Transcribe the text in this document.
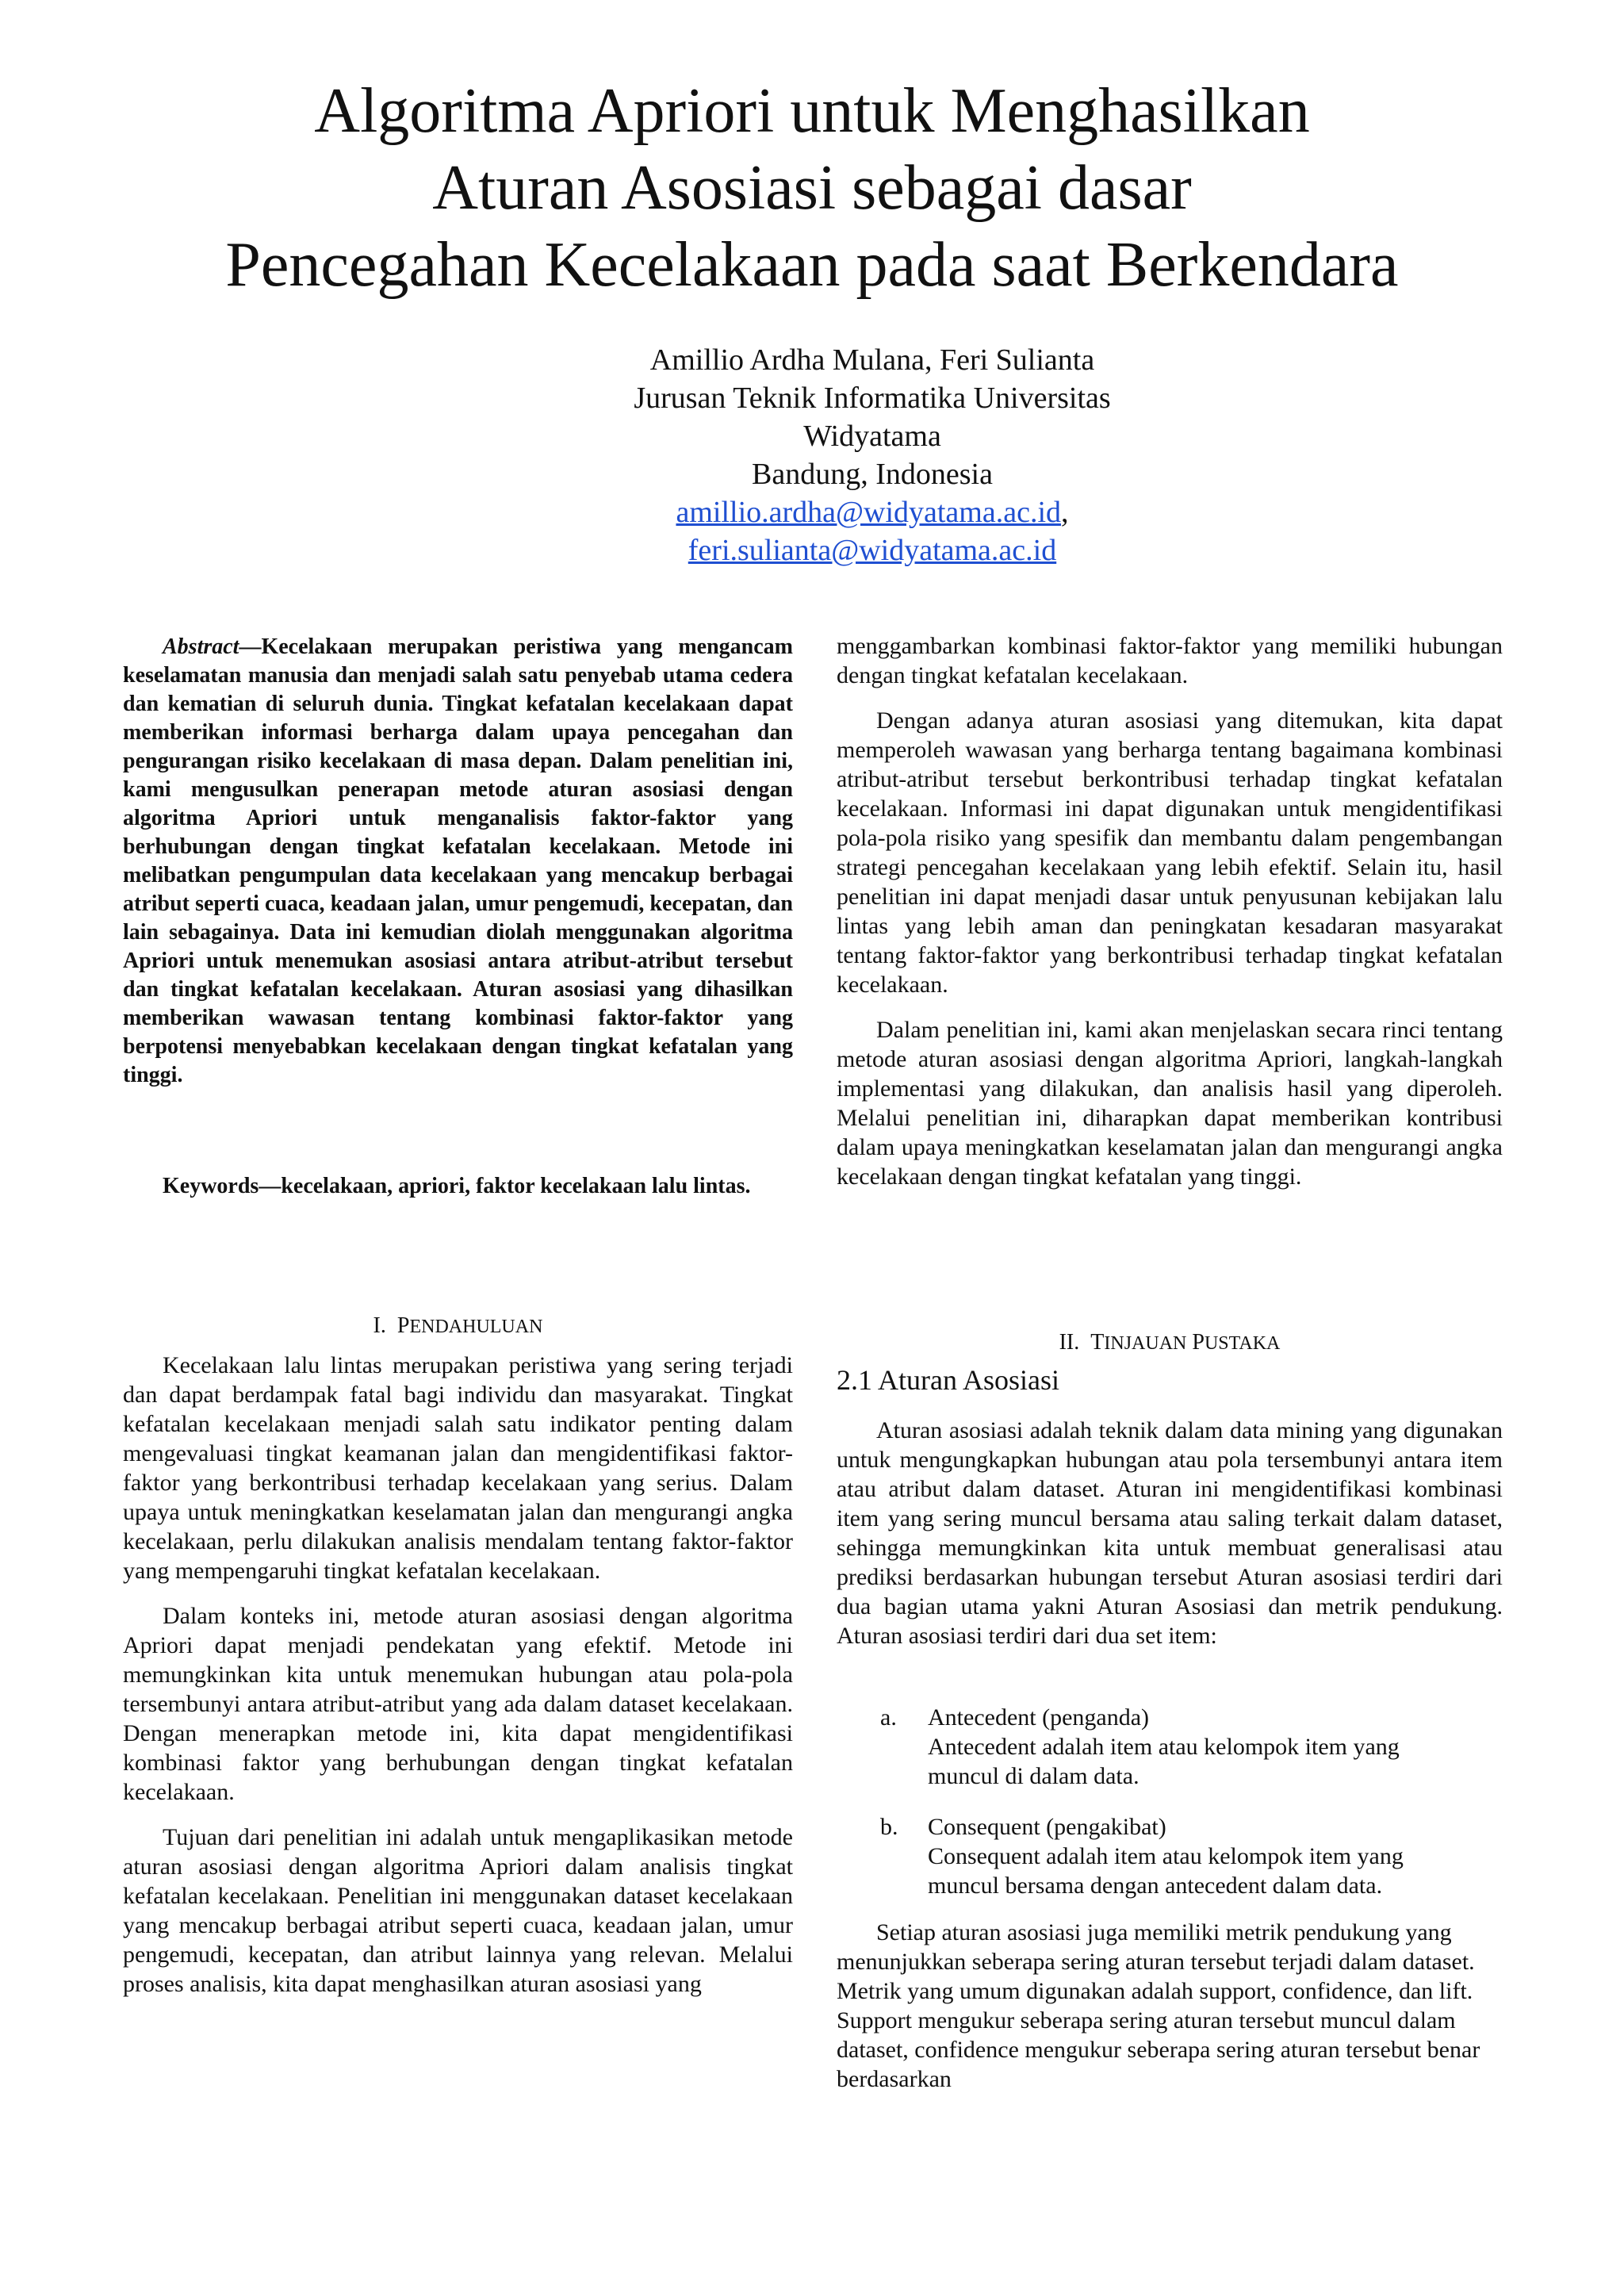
Algoritma Apriori untuk Menghasilkan
Aturan Asosiasi sebagai dasar
Pencegahan Kecelakaan pada saat Berkendara
Amillio Ardha Mulana, Feri Sulianta
Jurusan Teknik Informatika Universitas
Widyatama
Bandung, Indonesia
amillio.ardha@widyatama.ac.id,
feri.sulianta@widyatama.ac.id
Abstract—Kecelakaan merupakan peristiwa yang mengancam keselamatan manusia dan menjadi salah satu penyebab utama cedera dan kematian di seluruh dunia. Tingkat kefatalan kecelakaan dapat memberikan informasi berharga dalam upaya pencegahan dan pengurangan risiko kecelakaan di masa depan. Dalam penelitian ini, kami mengusulkan penerapan metode aturan asosiasi dengan algoritma Apriori untuk menganalisis faktor-faktor yang berhubungan dengan tingkat kefatalan kecelakaan. Metode ini melibatkan pengumpulan data kecelakaan yang mencakup berbagai atribut seperti cuaca, keadaan jalan, umur pengemudi, kecepatan, dan lain sebagainya. Data ini kemudian diolah menggunakan algoritma Apriori untuk menemukan asosiasi antara atribut-atribut tersebut dan tingkat kefatalan kecelakaan. Aturan asosiasi yang dihasilkan memberikan wawasan tentang kombinasi faktor-faktor yang berpotensi menyebabkan kecelakaan dengan tingkat kefatalan yang tinggi.
Keywords—kecelakaan, apriori, faktor kecelakaan lalu lintas.
I. PENDAHULUAN

Kecelakaan lalu lintas merupakan peristiwa yang sering terjadi dan dapat berdampak fatal bagi individu dan masyarakat. Tingkat kefatalan kecelakaan menjadi salah satu indikator penting dalam mengevaluasi tingkat keamanan jalan dan mengidentifikasi faktor-faktor yang berkontribusi terhadap kecelakaan yang serius. Dalam upaya untuk meningkatkan keselamatan jalan dan mengurangi angka kecelakaan, perlu dilakukan analisis mendalam tentang faktor-faktor yang mempengaruhi tingkat kefatalan kecelakaan.

Dalam konteks ini, metode aturan asosiasi dengan algoritma Apriori dapat menjadi pendekatan yang efektif. Metode ini memungkinkan kita untuk menemukan hubungan atau pola-pola tersembunyi antara atribut-atribut yang ada dalam dataset kecelakaan. Dengan menerapkan metode ini, kita dapat mengidentifikasi kombinasi faktor yang berhubungan dengan tingkat kefatalan kecelakaan.

Tujuan dari penelitian ini adalah untuk mengaplikasikan metode aturan asosiasi dengan algoritma Apriori dalam analisis tingkat kefatalan kecelakaan. Penelitian ini menggunakan dataset kecelakaan yang mencakup berbagai atribut seperti cuaca, keadaan jalan, umur pengemudi, kecepatan, dan atribut lainnya yang relevan. Melalui proses analisis, kita dapat menghasilkan aturan asosiasi yang

menggambarkan kombinasi faktor-faktor yang memiliki hubungan dengan tingkat kefatalan kecelakaan.

Dengan adanya aturan asosiasi yang ditemukan, kita dapat memperoleh wawasan yang berharga tentang bagaimana kombinasi atribut-atribut tersebut berkontribusi terhadap tingkat kefatalan kecelakaan. Informasi ini dapat digunakan untuk mengidentifikasi pola-pola risiko yang spesifik dan membantu dalam pengembangan strategi pencegahan kecelakaan yang lebih efektif. Selain itu, hasil penelitian ini dapat menjadi dasar untuk penyusunan kebijakan lalu lintas yang lebih aman dan peningkatan kesadaran masyarakat tentang faktor-faktor yang berkontribusi terhadap tingkat kefatalan kecelakaan.

Dalam penelitian ini, kami akan menjelaskan secara rinci tentang metode aturan asosiasi dengan algoritma Apriori, langkah-langkah implementasi yang dilakukan, dan analisis hasil yang diperoleh. Melalui penelitian ini, diharapkan dapat memberikan kontribusi dalam upaya meningkatkan keselamatan jalan dan mengurangi angka kecelakaan dengan tingkat kefatalan yang tinggi.

II. TINJAUAN PUSTAKA
2.1 Aturan Asosiasi

Aturan asosiasi adalah teknik dalam data mining yang digunakan untuk mengungkapkan hubungan atau pola tersembunyi antara item atau atribut dalam dataset. Aturan ini mengidentifikasi kombinasi item yang sering muncul bersama atau saling terkait dalam dataset, sehingga memungkinkan kita untuk membuat generalisasi atau prediksi berdasarkan hubungan tersebut Aturan asosiasi terdiri dari dua bagian utama yakni Aturan Asosiasi dan metrik pendukung. Aturan asosiasi terdiri dari dua set item:

a. Antecedent (penganda)
Antecedent adalah item atau kelompok item yang
muncul di dalam data.
b. Consequent (pengakibat)
Consequent adalah item atau kelompok item yang
muncul bersama dengan antecedent dalam data.

Setiap aturan asosiasi juga memiliki metrik pendukung yang menunjukkan seberapa sering aturan tersebut terjadi dalam dataset. Metrik yang umum digunakan adalah support, confidence, dan lift. Support mengukur seberapa sering aturan tersebut muncul dalam dataset, confidence mengukur seberapa sering aturan tersebut benar berdasarkan
